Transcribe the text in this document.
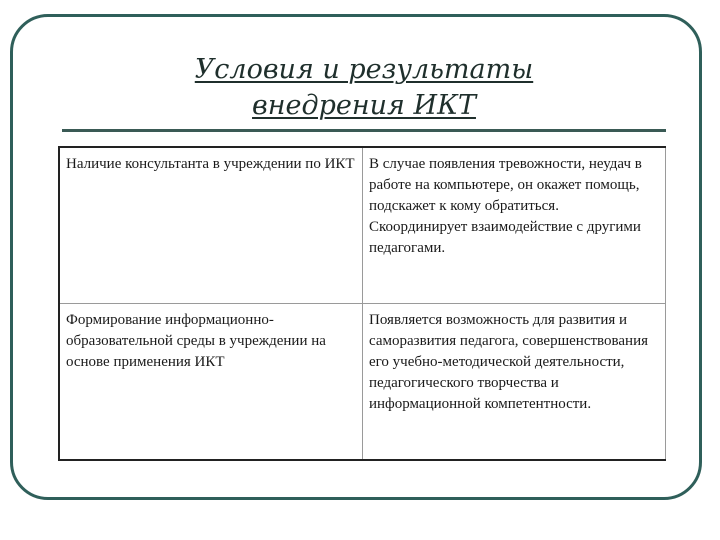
Условия и результаты
внедрения ИКТ
Наличие консультанта в учреждении по ИКТ	В случае появления тревожности, неудач в работе на компьютере, он окажет помощь, подскажет к кому обратиться. Скоординирует взаимодействие с другими педагогами.

Формирование информационно-образовательной среды в учреждении на основе применения ИКТ	Появляется возможность для развития и саморазвития педагога, совершенствования его учебно-методической деятельности, педагогического творчества и информационной компетентности.
